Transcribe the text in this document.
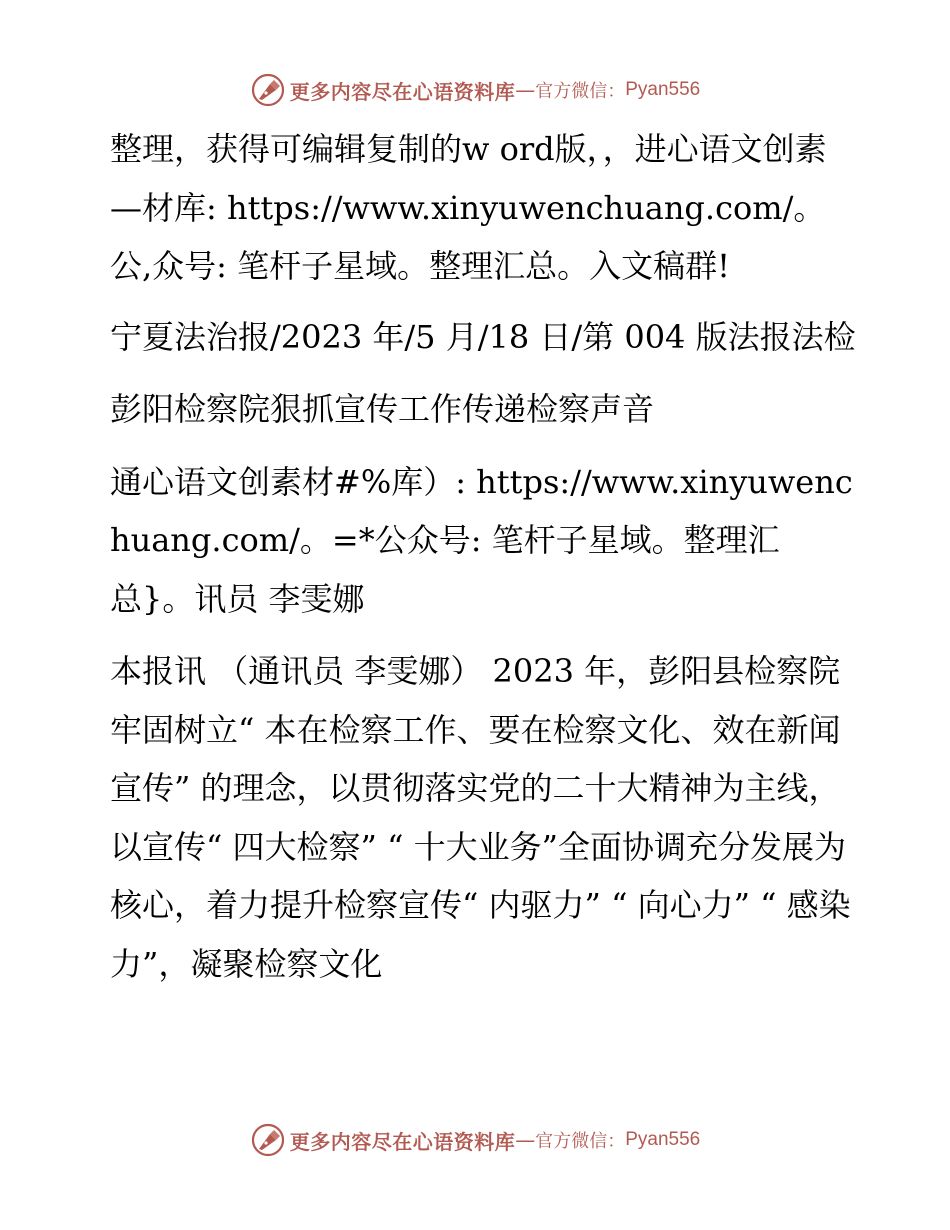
更多内容尽在心语资料库 — 官方微信： Pyan556

整理，获得可编辑复制的w ord版，，进心语文创素—材库: https://www.xinyuwenchuang.com/。公,众号: 笔杆子星域。整理汇总。入文稿群!

宁夏法治报/2023 年/5 月/18 日/第 004 版法报法检

彭阳检察院狠抓宣传工作传递检察声音

通心语文创素材#%库）: https://www.xinyuwenchuang.com/。=*公众号: 笔杆子星域。整理汇总}。讯员 李雯娜

本报讯 （通讯员 李雯娜） 2023 年，彭阳县检察院牢固树立“ 本在检察工作、要在检察文化、效在新闻宣传” 的理念，以贯彻落实党的二十大精神为主线，以宣传“ 四大检察” “ 十大业务”全面协调充分发展为核心，着力提升检察宣传“ 内驱力” “ 向心力” “ 感染力”，凝聚检察文化

更多内容尽在心语资料库 — 官方微信： Pyan556
